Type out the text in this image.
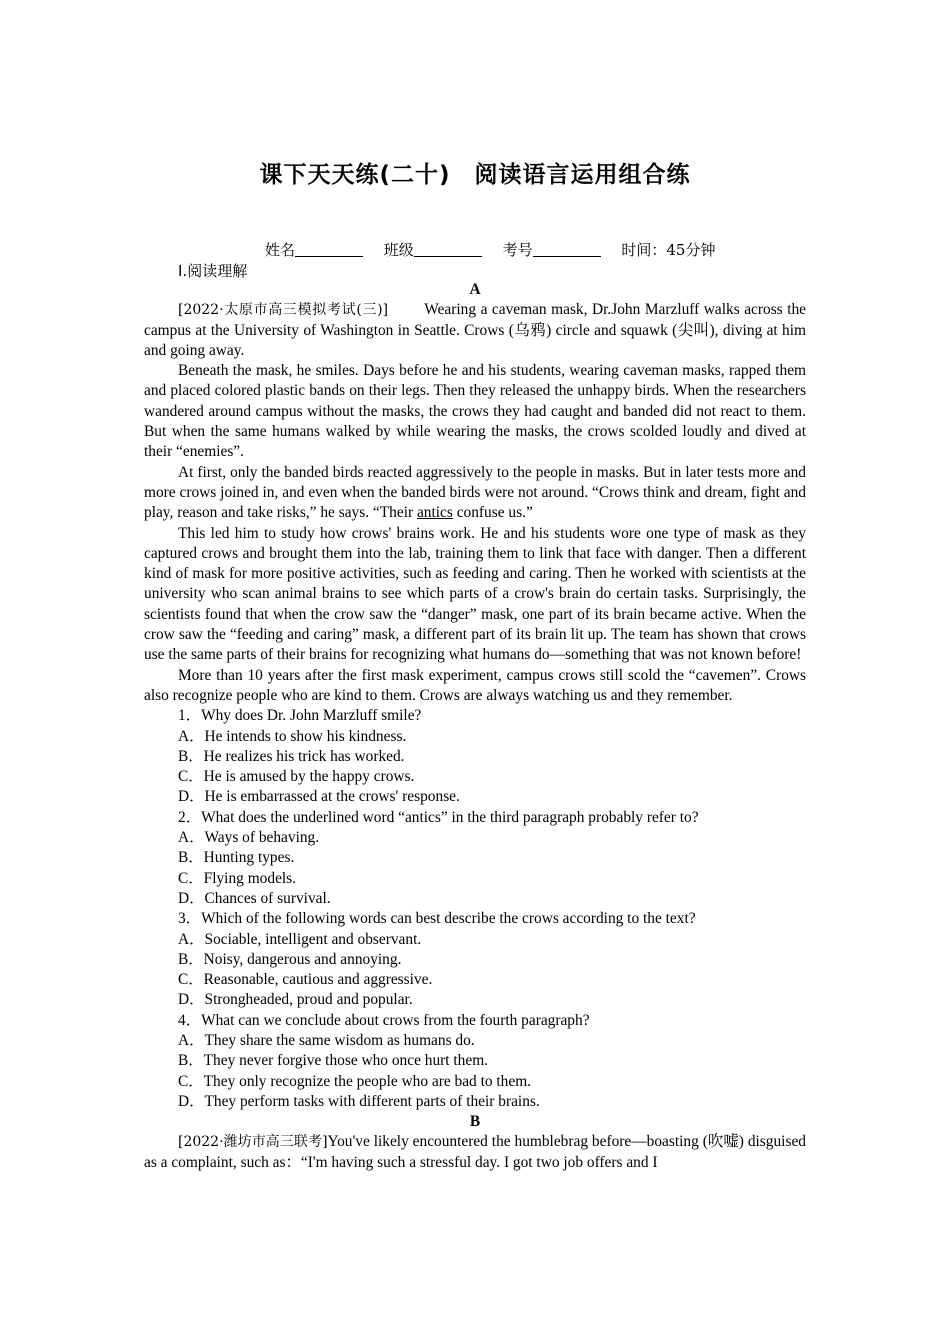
课下天天练(二十)　阅读语言运用组合练
姓名	班级	考号	时间：45分钟
Ⅰ.阅读理解

A

[2022·太原市高三模拟考试(三)] Wearing a caveman mask, Dr.John Marzluff walks across the campus at the University of Washington in Seattle. Crows (乌鸦) circle and squawk (尖叫), diving at him and going away.

Beneath the mask, he smiles. Days before he and his students, wearing caveman masks, rapped them and placed colored plastic bands on their legs. Then they released the unhappy birds. When the researchers wandered around campus without the masks, the crows they had caught and banded did not react to them. But when the same humans walked by while wearing the masks, the crows scolded loudly and dived at their “enemies”.

At first, only the banded birds reacted aggressively to the people in masks. But in later tests more and more crows joined in, and even when the banded birds were not around. “Crows think and dream, fight and play, reason and take risks,” he says. “Their antics confuse us.”

This led him to study how crows' brains work. He and his students wore one type of mask as they captured crows and brought them into the lab, training them to link that face with danger. Then a different kind of mask for more positive activities, such as feeding and caring. Then he worked with scientists at the university who scan animal brains to see which parts of a crow's brain do certain tasks. Surprisingly, the scientists found that when the crow saw the “danger” mask, one part of its brain became active. When the crow saw the “feeding and caring” mask, a different part of its brain lit up. The team has shown that crows use the same parts of their brains for recognizing what humans do—something that was not known before!

More than 10 years after the first mask experiment, campus crows still scold the “cavemen”. Crows also recognize people who are kind to them. Crows are always watching us and they remember.

1．Why does Dr. John Marzluff smile?

A．He intends to show his kindness.

B．He realizes his trick has worked.

C．He is amused by the happy crows.

D．He is embarrassed at the crows' response.

2．What does the underlined word “antics” in the third paragraph probably refer to?

A．Ways of behaving.

B．Hunting types.

C．Flying models.

D．Chances of survival.

3．Which of the following words can best describe the crows according to the text?

A．Sociable, intelligent and observant.

B．Noisy, dangerous and annoying.

C．Reasonable, cautious and aggressive.

D．Strongheaded, proud and popular.

4．What can we conclude about crows from the fourth paragraph?

A．They share the same wisdom as humans do.

B．They never forgive those who once hurt them.

C．They only recognize the people who are bad to them.

D．They perform tasks with different parts of their brains.

B

[2022·潍坊市高三联考]You've likely encountered the humblebrag before—boasting (吹嘘) disguised as a complaint, such as：“I'm having such a stressful day. I got two job offers and I
